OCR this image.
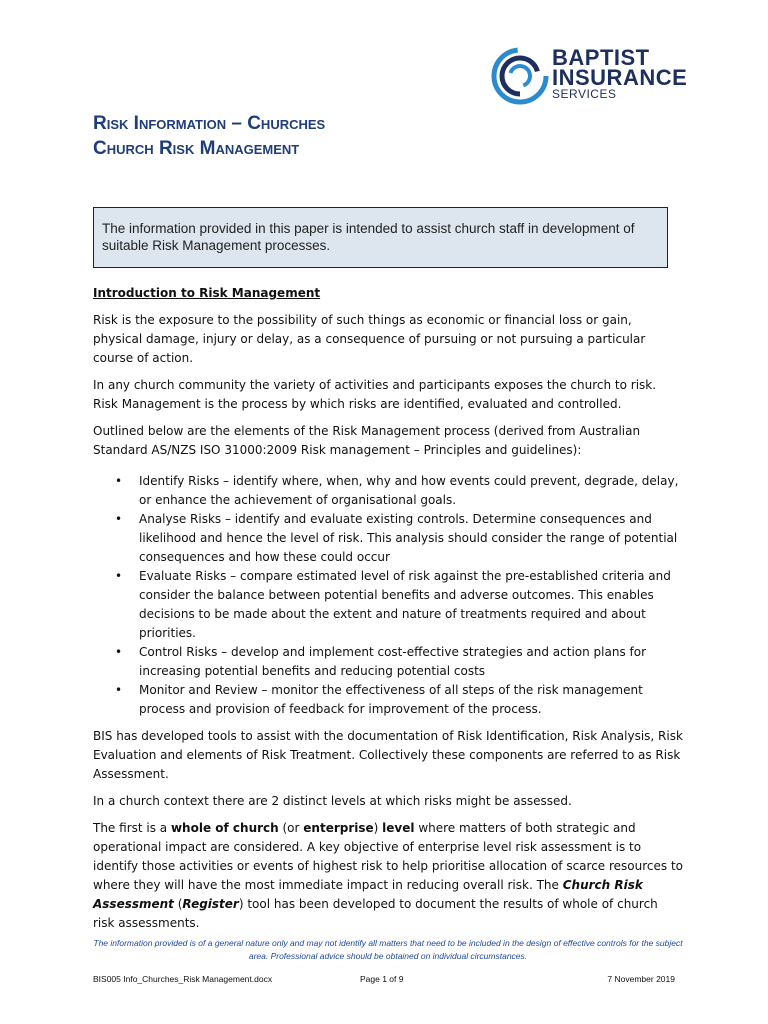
BAPTIST
INSURANCE
SERVICES
Risk Information – Churches
Church Risk Management
The information provided in this paper is intended to assist church staff in development of suitable Risk Management processes.

Introduction to Risk Management

Risk is the exposure to the possibility of such things as economic or financial loss or gain, physical damage, injury or delay, as a consequence of pursuing or not pursuing a particular course of action.

In any church community the variety of activities and participants exposes the church to risk. Risk Management is the process by which risks are identified, evaluated and controlled.

Outlined below are the elements of the Risk Management process (derived from Australian Standard AS/NZS ISO 31000:2009 Risk management – Principles and guidelines):

• Identify Risks – identify where, when, why and how events could prevent, degrade, delay, or enhance the achievement of organisational goals.
• Analyse Risks – identify and evaluate existing controls. Determine consequences and likelihood and hence the level of risk. This analysis should consider the range of potential consequences and how these could occur
• Evaluate Risks – compare estimated level of risk against the pre-established criteria and consider the balance between potential benefits and adverse outcomes. This enables decisions to be made about the extent and nature of treatments required and about priorities.
• Control Risks – develop and implement cost-effective strategies and action plans for increasing potential benefits and reducing potential costs
• Monitor and Review – monitor the effectiveness of all steps of the risk management process and provision of feedback for improvement of the process.

BIS has developed tools to assist with the documentation of Risk Identification, Risk Analysis, Risk Evaluation and elements of Risk Treatment. Collectively these components are referred to as Risk Assessment.

In a church context there are 2 distinct levels at which risks might be assessed.

The first is a whole of church (or enterprise) level where matters of both strategic and operational impact are considered. A key objective of enterprise level risk assessment is to identify those activities or events of highest risk to help prioritise allocation of scarce resources to where they will have the most immediate impact in reducing overall risk. The Church Risk Assessment (Register) tool has been developed to document the results of whole of church risk assessments.

The information provided is of a general nature only and may not identify all matters that need to be included in the design of effective controls for the subject area. Professional advice should be obtained on individual circumstances.
BIS005 Info_Churches_Risk Management.docx	Page 1 of 9	7 November 2019
